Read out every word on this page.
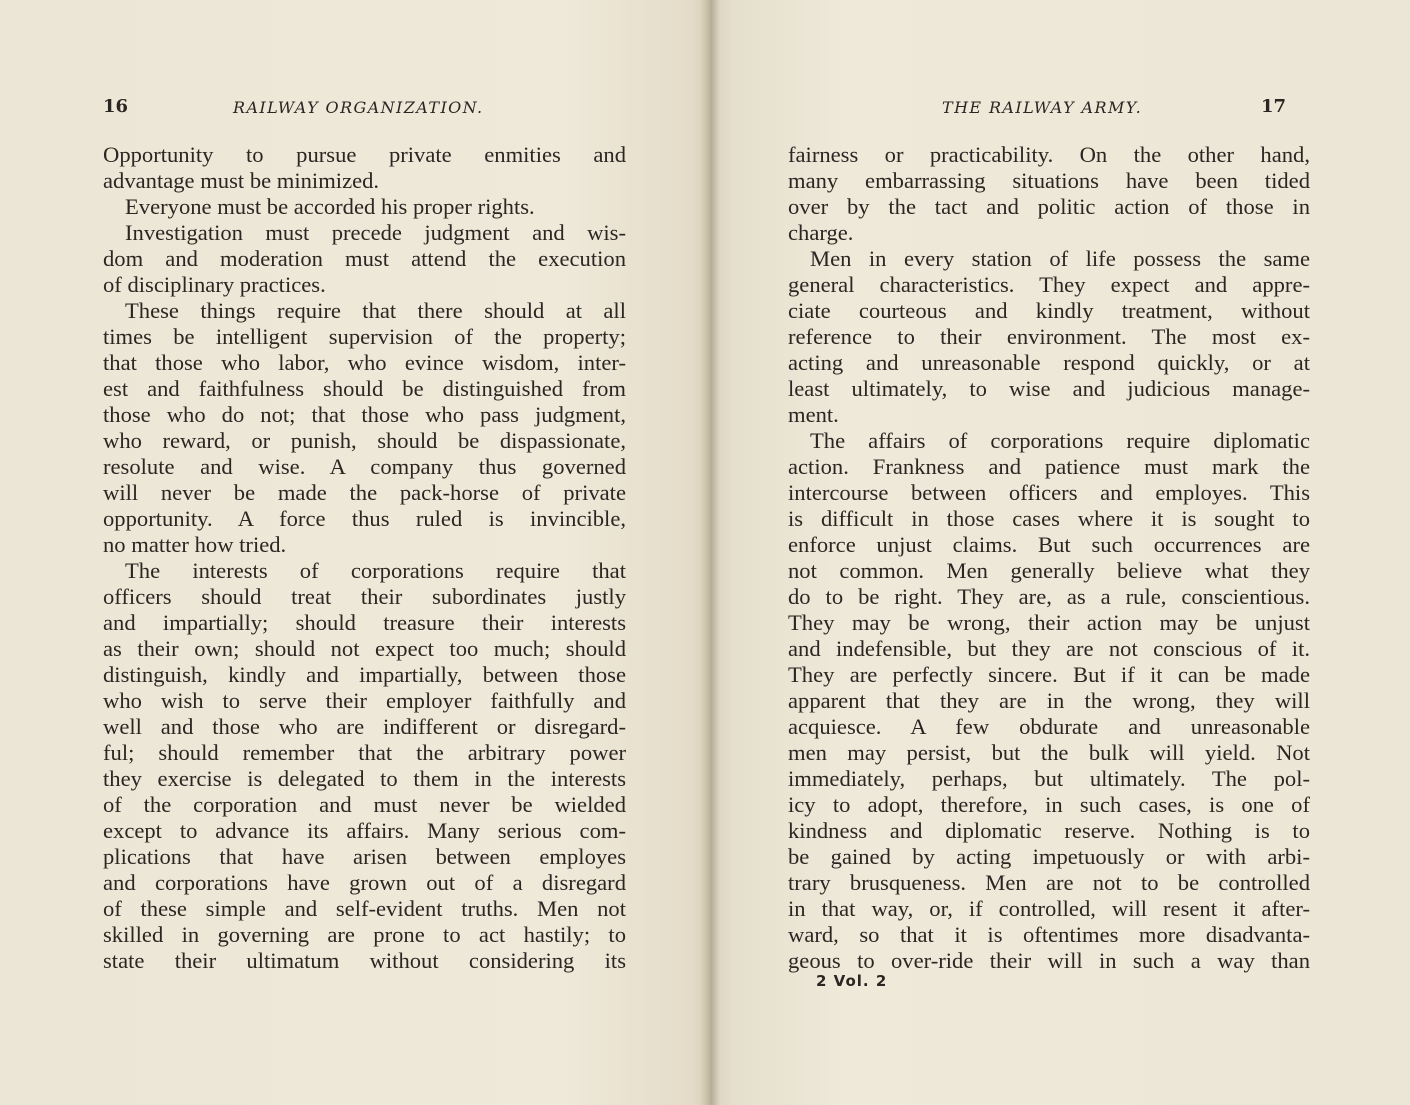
16	RAILWAY ORGANIZATION.
Opportunity to pursue private enmities and
advantage must be minimized.
Everyone must be accorded his proper rights.
Investigation must precede judgment and wis-
dom and moderation must attend the execution
of disciplinary practices.
These things require that there should at all
times be intelligent supervision of the property;
that those who labor, who evince wisdom, inter-
est and faithfulness should be distinguished from
those who do not; that those who pass judgment,
who reward, or punish, should be dispassionate,
resolute and wise. A company thus governed
will never be made the pack-horse of private
opportunity. A force thus ruled is invincible,
no matter how tried.
The interests of corporations require that
officers should treat their subordinates justly
and impartially; should treasure their interests
as their own; should not expect too much; should
distinguish, kindly and impartially, between those
who wish to serve their employer faithfully and
well and those who are indifferent or disregard-
ful; should remember that the arbitrary power
they exercise is delegated to them in the interests
of the corporation and must never be wielded
except to advance its affairs. Many serious com-
plications that have arisen between employes
and corporations have grown out of a disregard
of these simple and self-evident truths. Men not
skilled in governing are prone to act hastily; to
state their ultimatum without considering its
THE RAILWAY ARMY.	17
fairness or practicability. On the other hand,
many embarrassing situations have been tided
over by the tact and politic action of those in
charge.
Men in every station of life possess the same
general characteristics. They expect and appre-
ciate courteous and kindly treatment, without
reference to their environment. The most ex-
acting and unreasonable respond quickly, or at
least ultimately, to wise and judicious manage-
ment.
The affairs of corporations require diplomatic
action. Frankness and patience must mark the
intercourse between officers and employes. This
is difficult in those cases where it is sought to
enforce unjust claims. But such occurrences are
not common. Men generally believe what they
do to be right. They are, as a rule, conscientious.
They may be wrong, their action may be unjust
and indefensible, but they are not conscious of it.
They are perfectly sincere. But if it can be made
apparent that they are in the wrong, they will
acquiesce. A few obdurate and unreasonable
men may persist, but the bulk will yield. Not
immediately, perhaps, but ultimately. The pol-
icy to adopt, therefore, in such cases, is one of
kindness and diplomatic reserve. Nothing is to
be gained by acting impetuously or with arbi-
trary brusqueness. Men are not to be controlled
in that way, or, if controlled, will resent it after-
ward, so that it is oftentimes more disadvanta-
geous to over-ride their will in such a way than
2 Vol. 2
